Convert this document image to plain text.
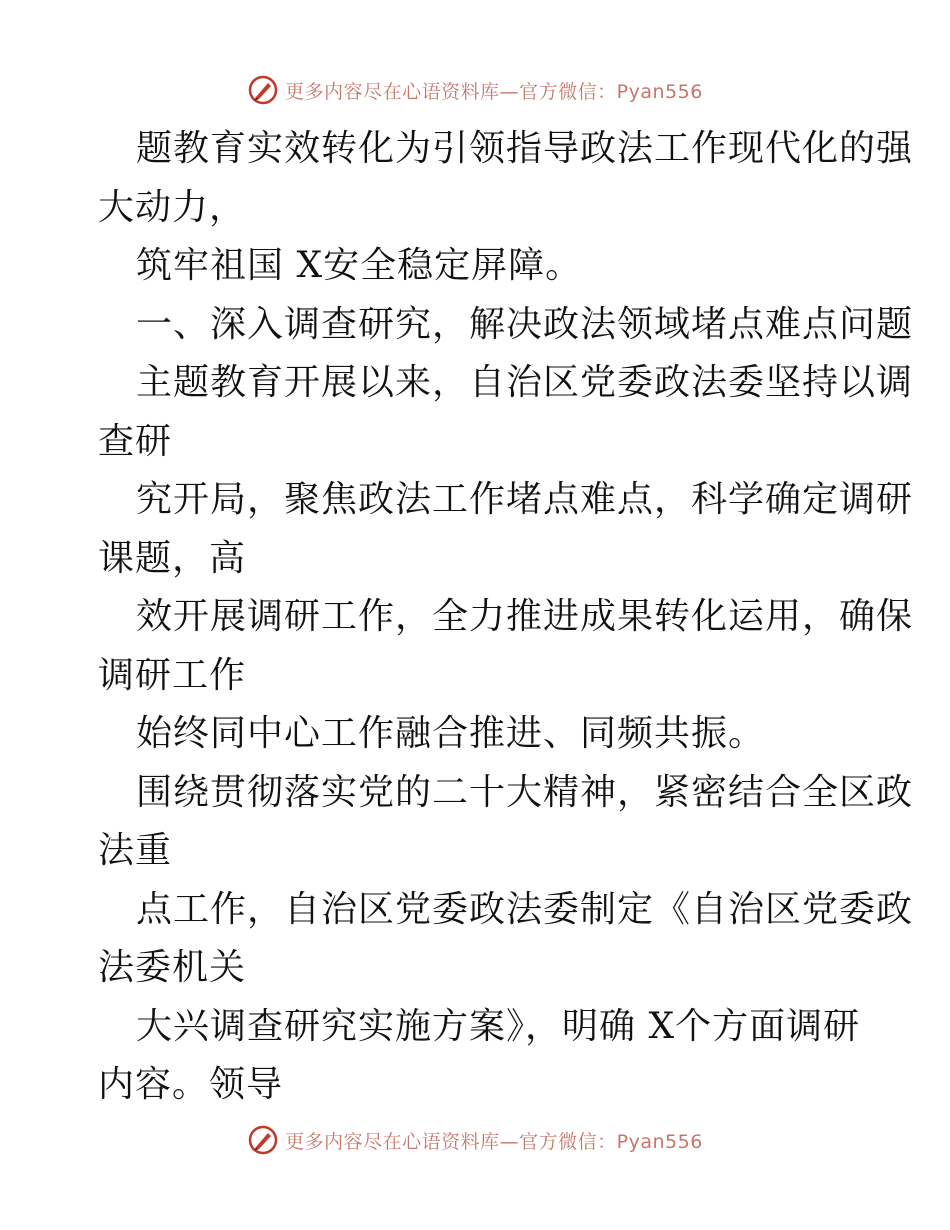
更多内容尽在心语资料库—官方微信：Pyan556
题教育实效转化为引领指导政法工作现代化的强
大动力，
筑牢祖国 X安全稳定屏障。
一、深入调查研究，解决政法领域堵点难点问题
主题教育开展以来，自治区党委政法委坚持以调
查研
究开局，聚焦政法工作堵点难点，科学确定调研
课题，高
效开展调研工作，全力推进成果转化运用，确保
调研工作
始终同中心工作融合推进、同频共振。
围绕贯彻落实党的二十大精神，紧密结合全区政
法重
点工作，自治区党委政法委制定《自治区党委政
法委机关
大兴调查研究实施方案》，明确 X个方面调研
内容。领导
更多内容尽在心语资料库—官方微信：Pyan556
